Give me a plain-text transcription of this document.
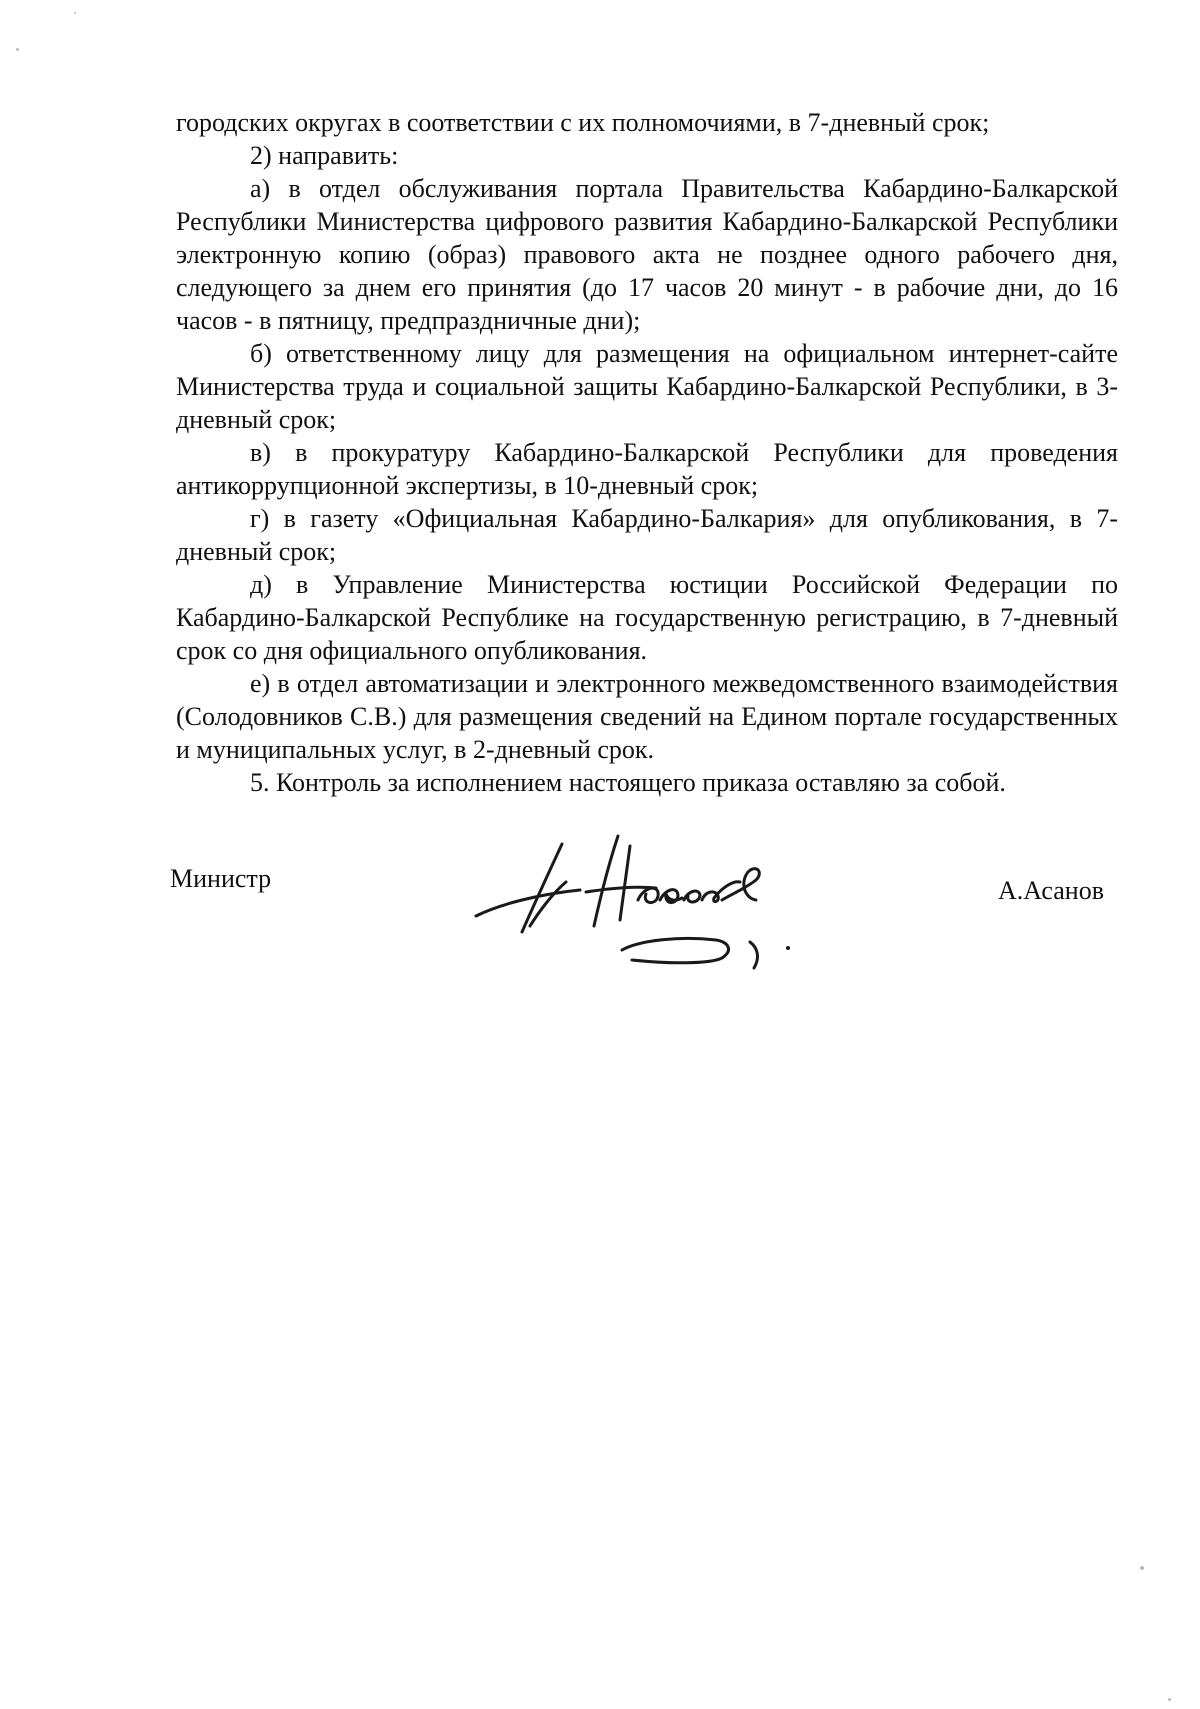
городских округах в соответствии с их полномочиями, в 7-дневный срок;

2) направить:

а) в отдел обслуживания портала Правительства Кабардино-Балкарской Республики Министерства цифрового развития Кабардино-Балкарской Республики электронную копию (образ) правового акта не позднее одного рабочего дня, следующего за днем его принятия (до 17 часов 20 минут - в рабочие дни, до 16 часов - в пятницу, предпраздничные дни);

б) ответственному лицу для размещения на официальном интернет-сайте Министерства труда и социальной защиты Кабардино-Балкарской Республики, в 3-дневный срок;

в) в прокуратуру Кабардино-Балкарской Республики для проведения антикоррупционной экспертизы, в 10-дневный срок;

г) в газету «Официальная Кабардино-Балкария» для опубликования, в 7-дневный срок;

д) в Управление Министерства юстиции Российской Федерации по Кабардино-Балкарской Республике на государственную регистрацию, в 7-дневный срок со дня официального опубликования.

е) в отдел автоматизации и электронного межведомственного взаимодействия (Солодовников С.В.) для размещения сведений на Едином портале государственных и муниципальных услуг, в 2-дневный срок.

5. Контроль за исполнением настоящего приказа оставляю за собой.

Министр	А.Асанов
